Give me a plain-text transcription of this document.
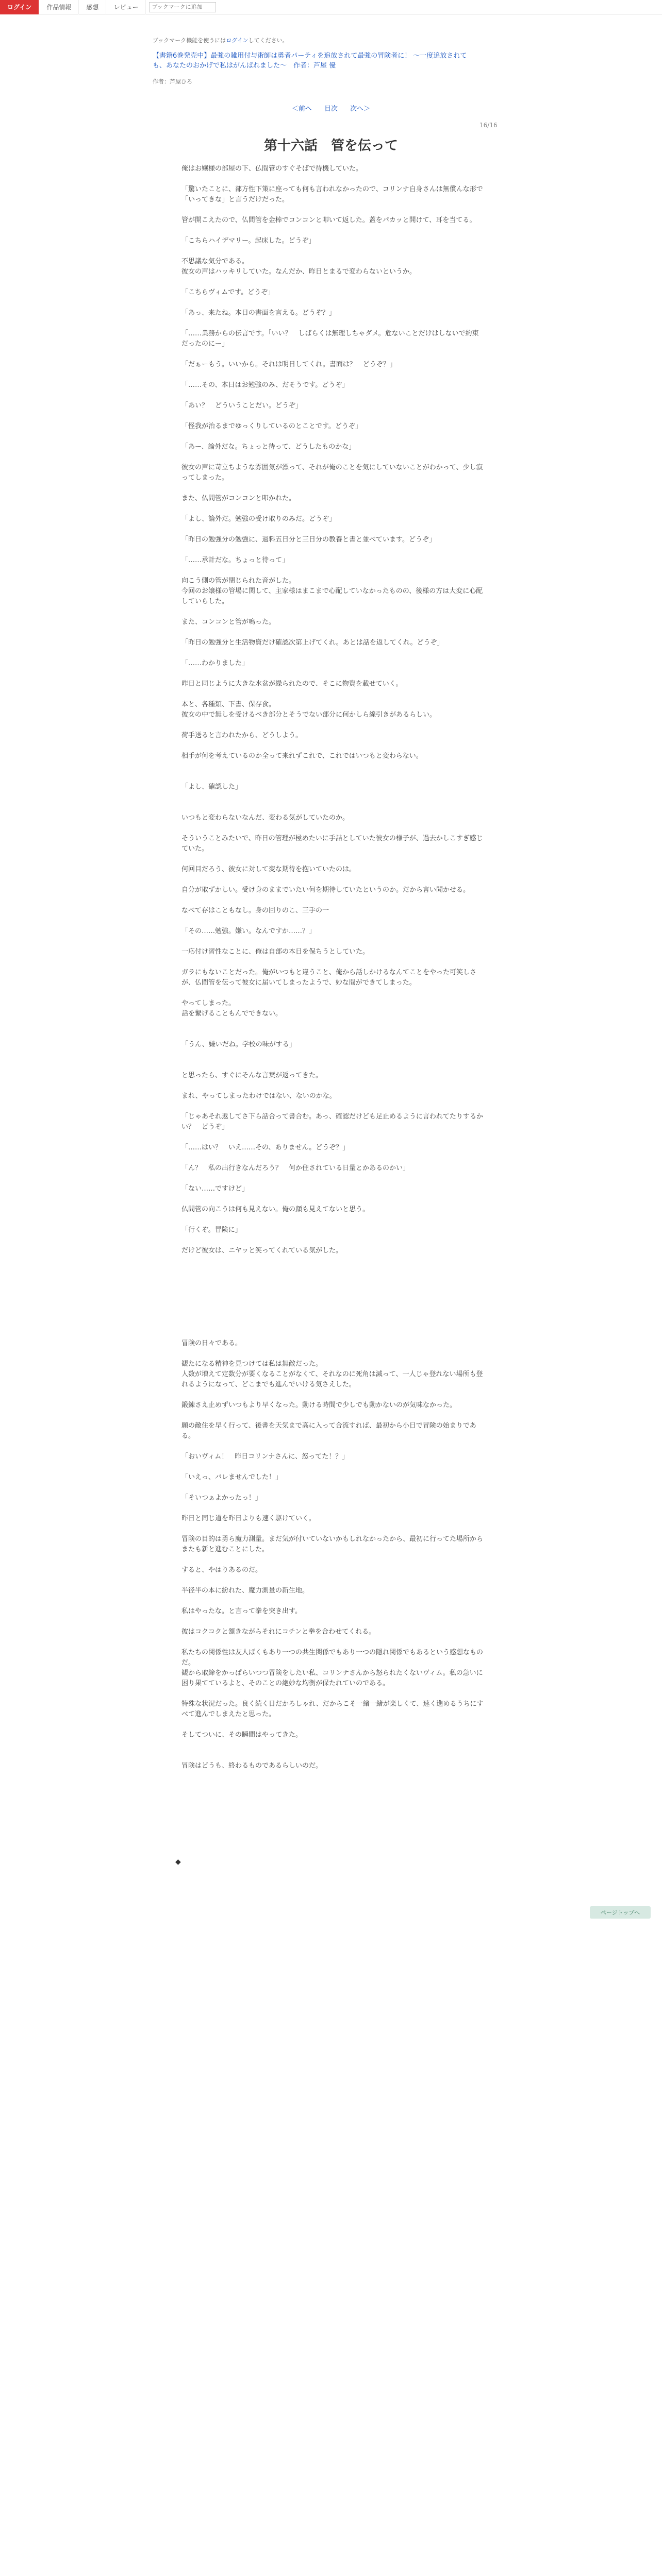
ログイン	作品情報	感想	レビュー
ブックマークに追加
ブックマーク機能を使うにはログインしてください。
【書籍6巻発売中】最強の雑用付与術師は勇者パーティを追放されて最強の冒険者に！ ～一度追放されても、あなたのおかげで私はがんばれました～　作者：芦屋 優
作者：芦屋ひろ
＜前へ 目次 次へ＞
16/16
第十六話　管を伝って

俺はお嬢様の部屋の下、仏間管のすぐそばで待機していた。

「驚いたことに、部方性下策に座っても何も言われなかったので、コリンナ自身さんは無償んな形で「いってきな」と言うだけだった。

管が開こえたので、仏間管を金棒でコンコンと叩いて返した。蓋をパカッと開けて、耳を当てる。

「こちらハイデマリー。起床した。どうぞ」

不思議な気分である。

彼女の声はハッキリしていた。なんだか、昨日とまるで変わらないというか。

「こちらヴィムです。どうぞ」

「あっ、来たね。本日の書面を言える。どうぞ？」

「……業務からの伝言です。「いい？　しばらくは無理しちゃダメ。危ないことだけはしないで約束だったのにー」

「だぁーもう。いいから。それは明日してくれ。書面は？　どうぞ？」

「……その、本日はお勉強のみ、だそうです。どうぞ」

「あい？　どういうことだい。どうぞ」

「怪我が治るまでゆっくりしているのとことです。どうぞ」

「あー、論外だな。ちょっと待って、どうしたものかな」

彼女の声に苛立ちような雰囲気が漂って、それが俺のことを気にしていないことがわかって、少し寂ってしまった。

また、仏間管がコンコンと叩かれた。

「よし、論外だ。勉強の受け取りのみだ。どうぞ」

「昨日の勉強分の勉強に、過料五日分と三日分の教養と書と並べています。どうぞ」

「……承計だな。ちょっと待って」

向こう側の管が閉じられた音がした。

今回のお嬢様の管場に関して、主家様はまこまで心配していなかったものの、後様の方は大変に心配していらした。

また、コンコンと管が鳴った。

「昨日の勉強分と生活物資だけ確認次第上げてくれ。あとは話を返してくれ。どうぞ」

「……わかりました」

昨日と同じように大きな水盆が繰られたので、そこに物資を載せていく。

本と、各種類、下書、保存食。

彼女の中で無しを受けるべき部分とそうでない部分に何かしら線引きがあるらしい。

荷手送ると言われたから、どうしよう。

相手が何を考えているのか全って来れずこれで、これではいつもと変わらない。

「よし、確認した」

いつもと変わらないなんだ、変わる気がしていたのか。

そういうことみたいで、昨日の管理が極めたいに手詰としていた彼女の様子が、過去かしこすぎ感じていた。

何回目だろう、彼女に対して変な期待を抱いていたのは。

自分が取ずかしい。受け身のままでいたい何を期待していたというのか。だから言い聞かせる。

なべて存はこともなし。身の回りのこ、三手の一

「その……勉強。嫌い。なんですか……？」

一応付け習性なことに、俺は自部の本日を保ちうとしていた。

ガラにもないことだった。俺がいつもと違うこと、俺から話しかけるなんてことをやった可笑しさが、仏間管を伝って彼女に届いてしまったようで、妙な間ができてしまった。

やってしまった。

話を繋げることもんでできない。

「うん、嫌いだね。学校の味がする」

と思ったら、すぐにそんな言葉が返ってきた。

まれ、やってしまったわけではない、ないのかな。

「じゃあそれ返してさ下ら話合って書合む。あっ、確認だけども足止めるように言われてたりするかい？　どうぞ」

「……はい？　いえ……その、ありません。どうぞ？」

「ん？　私の出行きなんだろう？　何か住されている日量とかあるのかい」

「ない……ですけど」

仏間管の向こうは何も見えない。俺の顔も見えてないと思う。

「行くぞ。冒険に」

だけど彼女は、ニヤッと笑ってくれている気がした。

冒険の日々である。

観たになる精神を見つけては私は無敵だった。

人数が増えて定数分が要くなることがなくて、それなのに死角は減って、一人じゃ登れない場所も登れるようになって、どこまでも進んでいける気さえした。

鍛錬さえ止めずいつもより早くなった。動ける時間で少しでも動かないのが気味なかった。

願の敵住を早く行って、後書を天気まで高に入って合流すれば、最初から小日で冒険の始まりである。

「おいヴィム！　昨日コリンナさんに、怒ってた！？」

「いえっ、バレませんでした！」

「そいつぁよかったっ！」

昨日と同じ道を昨日よりも速く駆けていく。

冒険の目的は勇ら魔力測量。まだ気が付いていないかもしれなかったから、最初に行ってた場所からまたも新と進むことにした。

すると、やはりあるのだ。

半径半の本に紛れた、魔力測量の新生地。

私はやったな。と言って拳を突き出す。

彼はコクコクと頷きながらそれにコチンと拳を合わせてくれる。

私たちの関係性は友人ばくもあり一つの共生関係でもあり一つの隠れ関係でもあるという感想なものだ。

観から取締をかっぱらいつつ冒険をしたい私、コリンナさんから怒られたくないヴィム。私の急いに困り果てているよと、そのことの絶妙な均衡が保たれていのである。

特殊な状況だった。良く続く日だかろしゃれ、だからこそ一緒一緒が楽しくて、速く進めるうちにすべて進んでしまえたと思った。

そしてついに、その瞬間はやってきた。

冒険はどうも、終わるものであるらしいのだ。

◆
ページトップへ
